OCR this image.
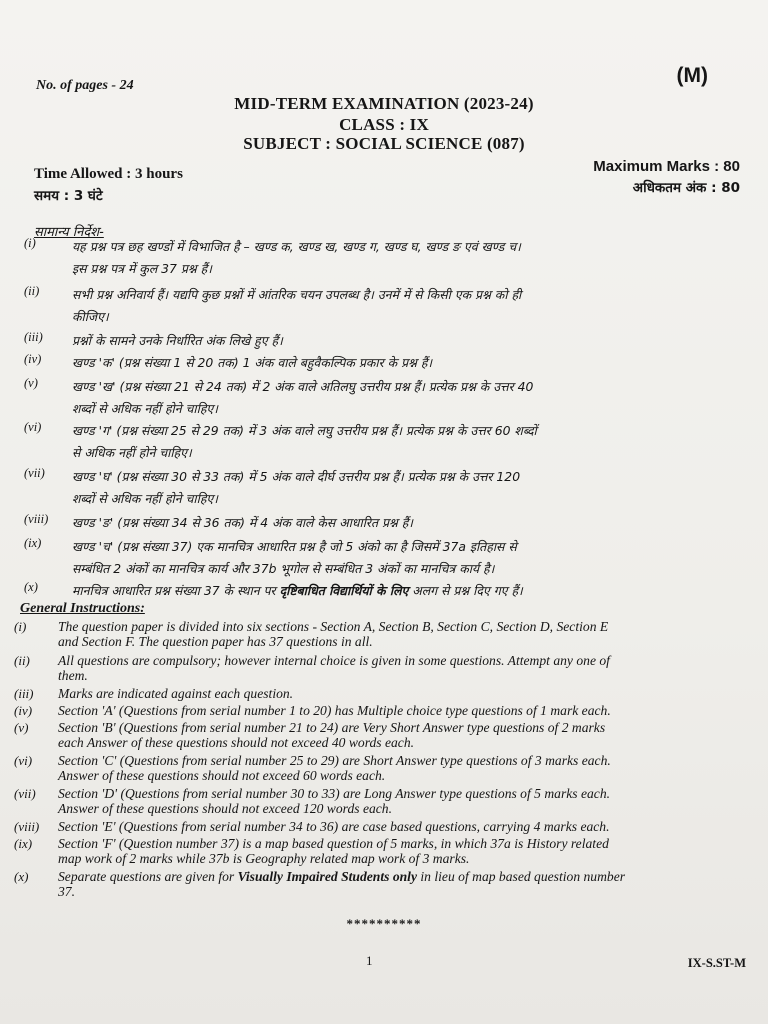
(M)
No. of pages - 24
MID-TERM EXAMINATION (2023-24)
CLASS : IX
SUBJECT : SOCIAL SCIENCE (087)
Time Allowed : 3 hours
समय : 3 घंटे
Maximum Marks : 80
अधिकतम अंक : 80
सामान्य निर्देश-
(i)	यह प्रश्न पत्र छह खण्डों में विभाजित है – खण्ड क, खण्ड ख, खण्ड ग, खण्ड घ, खण्ड ङ एवं खण्ड च।
इस प्रश्न पत्र में कुल 37 प्रश्न हैं।
(ii)	सभी प्रश्न अनिवार्य हैं। यद्यपि कुछ प्रश्नों में आंतरिक चयन उपलब्ध है। उनमें में से किसी एक प्रश्न को ही
कीजिए।
(iii) प्रश्नों के सामने उनके निर्धारित अंक लिखे हुए हैं।
(iv) खण्ड 'क' (प्रश्न संख्या 1 से 20 तक) 1 अंक वाले बहुवैकल्पिक प्रकार के प्रश्न हैं।
(v)	खण्ड 'ख' (प्रश्न संख्या 21 से 24 तक) में 2 अंक वाले अतिलघु उत्तरीय प्रश्न हैं। प्रत्येक प्रश्न के उत्तर 40
शब्दों से अधिक नहीं होने चाहिए।
(vi) खण्ड 'ग' (प्रश्न संख्या 25 से 29 तक) में 3 अंक वाले लघु उत्तरीय प्रश्न हैं। प्रत्येक प्रश्न के उत्तर 60 शब्दों
से अधिक नहीं होने चाहिए।
(vii) खण्ड 'घ' (प्रश्न संख्या 30 से 33 तक) में 5 अंक वाले दीर्घ उत्तरीय प्रश्न हैं। प्रत्येक प्रश्न के उत्तर 120
शब्दों से अधिक नहीं होने चाहिए।
(viii) खण्ड 'ङ' (प्रश्न संख्या 34 से 36 तक) में 4 अंक वाले केस आधारित प्रश्न हैं।
(ix) खण्ड 'च' (प्रश्न संख्या 37) एक मानचित्र आधारित प्रश्न है जो 5 अंको का है जिसमें 37a इतिहास से
सम्बंधित 2 अंकों का मानचित्र कार्य और 37b भूगोल से सम्बंधित 3 अंकों का मानचित्र कार्य है।
(x)	मानचित्र आधारित प्रश्न संख्या 37 के स्थान पर दृष्टिबाधित विद्यार्थियों के लिए अलग से प्रश्न दिए गए हैं।
General Instructions:
(i) The question paper is divided into six sections - Section A, Section B, Section C, Section D, Section E
and Section F. The question paper has 37 questions in all.
(ii) All questions are compulsory; however internal choice is given in some questions. Attempt any one of
them.
(iii) Marks are indicated against each question.
(iv) Section 'A' (Questions from serial number 1 to 20) has Multiple choice type questions of 1 mark each.
(v) Section 'B' (Questions from serial number 21 to 24) are Very Short Answer type questions of 2 marks
each Answer of these questions should not exceed 40 words each.
(vi) Section 'C' (Questions from serial number 25 to 29) are Short Answer type questions of 3 marks each.
Answer of these questions should not exceed 60 words each.
(vii) Section 'D' (Questions from serial number 30 to 33) are Long Answer type questions of 5 marks each.
Answer of these questions should not exceed 120 words each.
(viii) Section 'E' (Questions from serial number 34 to 36) are case based questions, carrying 4 marks each.
(ix) Section 'F' (Question number 37) is a map based question of 5 marks, in which 37a is History related
map work of 2 marks while 37b is Geography related map work of 3 marks.
(x) Separate questions are given for Visually Impaired Students only in lieu of map based question number
37.
**********
1	IX-S.ST-M
